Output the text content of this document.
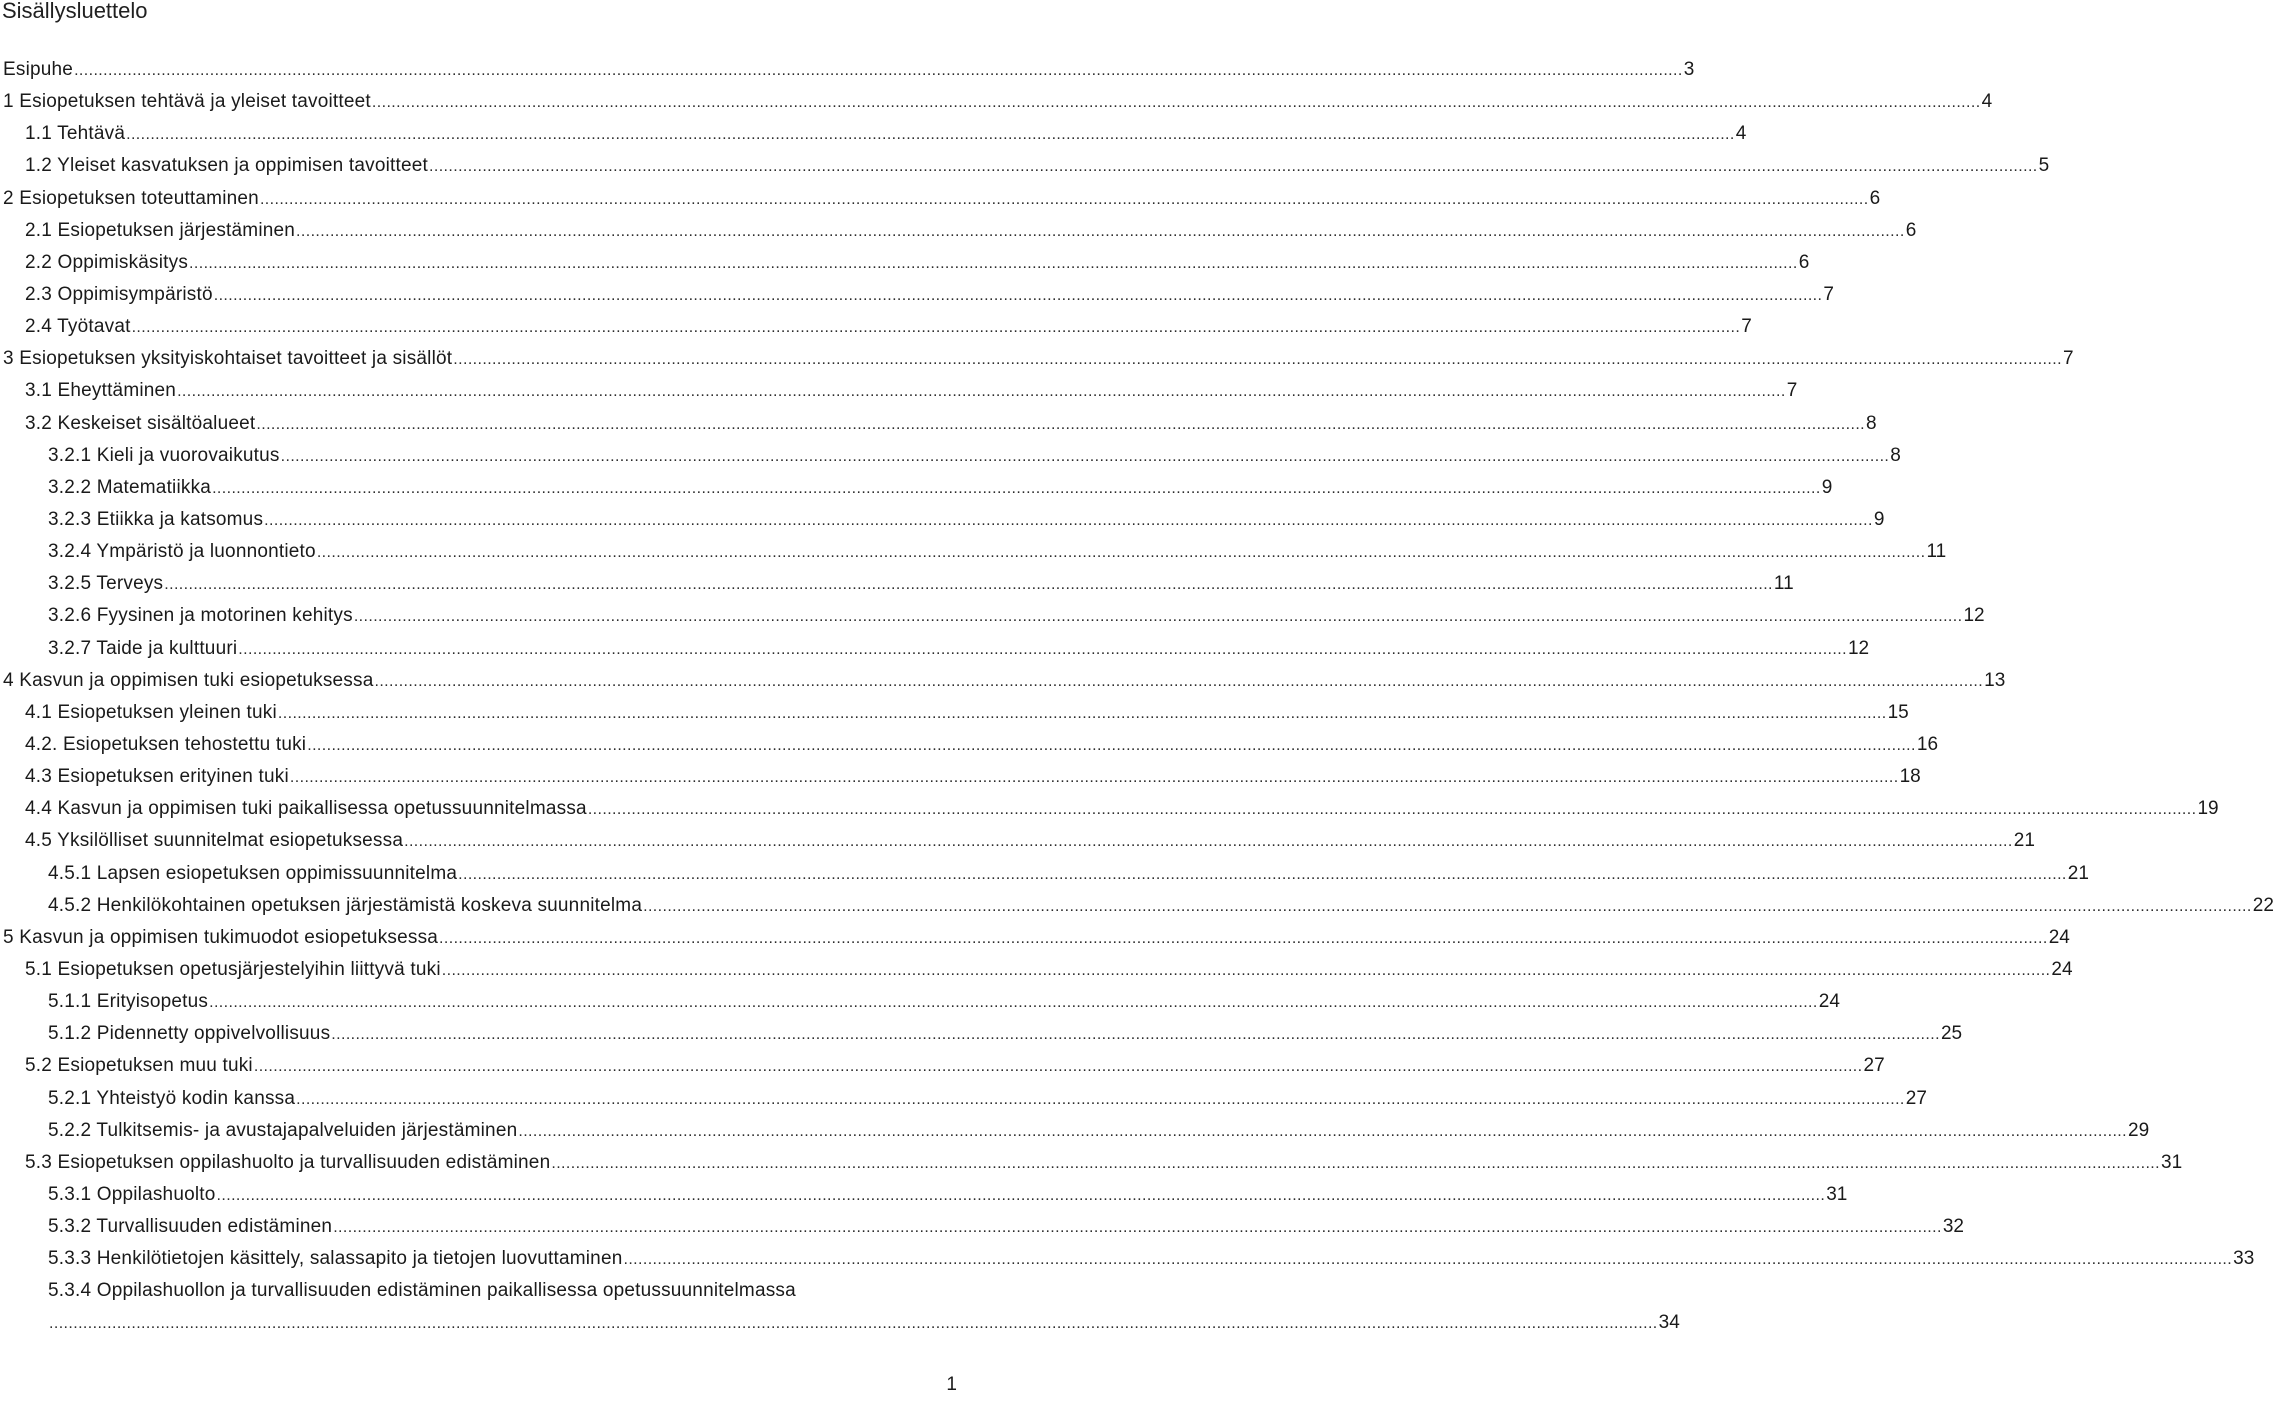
Sisällysluettelo
Esipuhe ............................................................................................................................................................................................................................................................................................................................................ 3
1 Esiopetuksen tehtävä ja yleiset tavoitteet ............................................................................................................................................................................................................................................................................................................................................ 4
1.1 Tehtävä ............................................................................................................................................................................................................................................................................................................................................ 4
1.2 Yleiset kasvatuksen ja oppimisen tavoitteet ............................................................................................................................................................................................................................................................................................................................................ 5
2 Esiopetuksen toteuttaminen ............................................................................................................................................................................................................................................................................................................................................ 6
2.1 Esiopetuksen järjestäminen ............................................................................................................................................................................................................................................................................................................................................ 6
2.2 Oppimiskäsitys ............................................................................................................................................................................................................................................................................................................................................ 6
2.3 Oppimisympäristö ............................................................................................................................................................................................................................................................................................................................................ 7
2.4 Työtavat ............................................................................................................................................................................................................................................................................................................................................ 7
3 Esiopetuksen yksityiskohtaiset tavoitteet ja sisällöt ............................................................................................................................................................................................................................................................................................................................................ 7
3.1 Eheyttäminen ............................................................................................................................................................................................................................................................................................................................................ 7
3.2 Keskeiset sisältöalueet ............................................................................................................................................................................................................................................................................................................................................ 8
3.2.1 Kieli ja vuorovaikutus ............................................................................................................................................................................................................................................................................................................................................ 8
3.2.2 Matematiikka ............................................................................................................................................................................................................................................................................................................................................ 9
3.2.3 Etiikka ja katsomus ............................................................................................................................................................................................................................................................................................................................................ 9
3.2.4 Ympäristö ja luonnontieto ............................................................................................................................................................................................................................................................................................................................................ 11
3.2.5 Terveys ............................................................................................................................................................................................................................................................................................................................................ 11
3.2.6 Fyysinen ja motorinen kehitys ............................................................................................................................................................................................................................................................................................................................................ 12
3.2.7 Taide ja kulttuuri ............................................................................................................................................................................................................................................................................................................................................ 12
4 Kasvun ja oppimisen tuki esiopetuksessa ............................................................................................................................................................................................................................................................................................................................................ 13
4.1 Esiopetuksen yleinen tuki ............................................................................................................................................................................................................................................................................................................................................ 15
4.2. Esiopetuksen tehostettu tuki ............................................................................................................................................................................................................................................................................................................................................ 16
4.3 Esiopetuksen erityinen tuki ............................................................................................................................................................................................................................................................................................................................................ 18
4.4 Kasvun ja oppimisen tuki paikallisessa opetussuunnitelmassa ............................................................................................................................................................................................................................................................................................................................................ 19
4.5 Yksilölliset suunnitelmat esiopetuksessa ............................................................................................................................................................................................................................................................................................................................................ 21
4.5.1 Lapsen esiopetuksen oppimissuunnitelma ............................................................................................................................................................................................................................................................................................................................................ 21
4.5.2 Henkilökohtainen opetuksen järjestämistä koskeva suunnitelma ............................................................................................................................................................................................................................................................................................................................................ 22
5 Kasvun ja oppimisen tukimuodot esiopetuksessa ............................................................................................................................................................................................................................................................................................................................................ 24
5.1 Esiopetuksen opetusjärjestelyihin liittyvä tuki ............................................................................................................................................................................................................................................................................................................................................ 24
5.1.1 Erityisopetus ............................................................................................................................................................................................................................................................................................................................................ 24
5.1.2 Pidennetty oppivelvollisuus ............................................................................................................................................................................................................................................................................................................................................ 25
5.2 Esiopetuksen muu tuki ............................................................................................................................................................................................................................................................................................................................................ 27
5.2.1 Yhteistyö kodin kanssa ............................................................................................................................................................................................................................................................................................................................................ 27
5.2.2 Tulkitsemis- ja avustajapalveluiden järjestäminen ............................................................................................................................................................................................................................................................................................................................................ 29
5.3 Esiopetuksen oppilashuolto ja turvallisuuden edistäminen ............................................................................................................................................................................................................................................................................................................................................ 31
5.3.1 Oppilashuolto ............................................................................................................................................................................................................................................................................................................................................ 31
5.3.2 Turvallisuuden edistäminen ............................................................................................................................................................................................................................................................................................................................................ 32
5.3.3 Henkilötietojen käsittely, salassapito ja tietojen luovuttaminen ............................................................................................................................................................................................................................................................................................................................................ 33
5.3.4 Oppilashuollon ja turvallisuuden edistäminen paikallisessa opetussuunnitelmassa
............................................................................................................................................................................................................................................................................................................................................ 34
1
